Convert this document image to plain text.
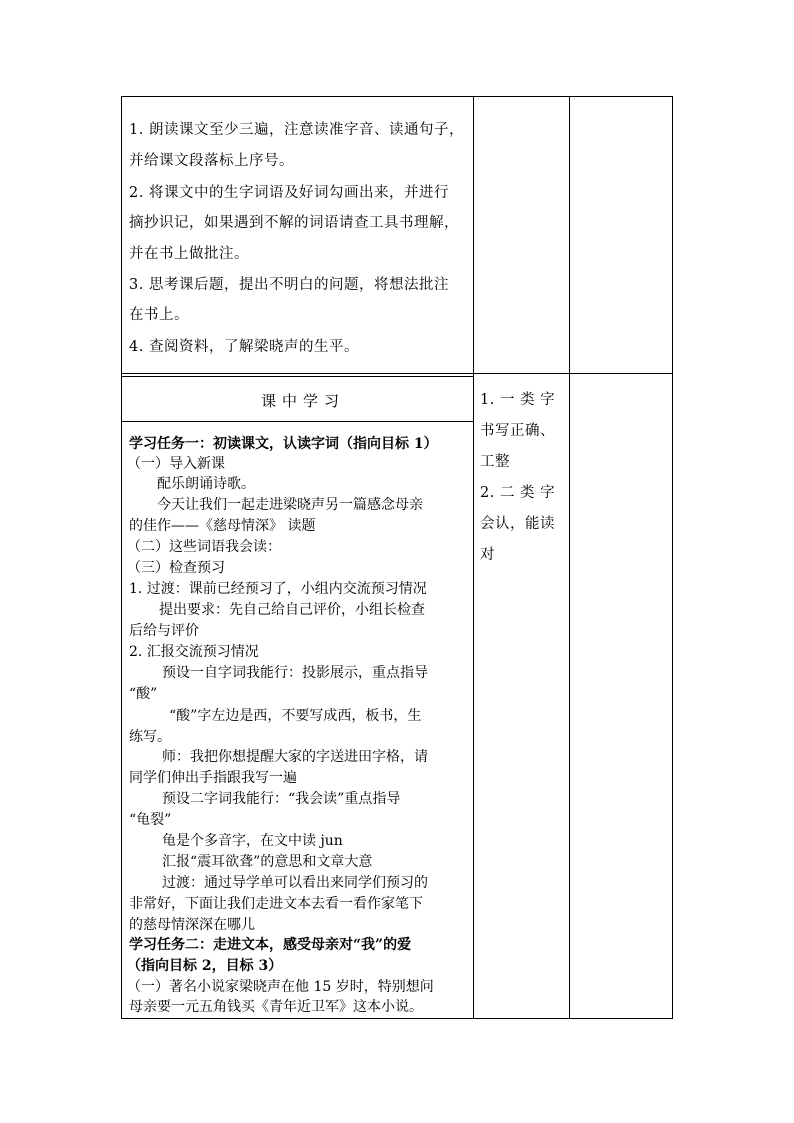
1. 朗读课文至少三遍，注意读准字音、读通句子，
并给课文段落标上序号。
2. 将课文中的生字词语及好词勾画出来，并进行
摘抄识记，如果遇到不解的词语请查工具书理解，
并在书上做批注。
3. 思考课后题，提出不明白的问题，将想法批注
在书上。
4. 查阅资料，了解梁晓声的生平。
课中学习	1. 一 类 字
书写正确、
工整
2. 二 类 字
会认，能读
对
学习任务一：初读课文，认读字词（指向目标 1）
（一）导入新课
配乐朗诵诗歌。
今天让我们一起走进梁晓声另一篇感念母亲
的佳作——《慈母情深》 读题
（二）这些词语我会读：
（三）检查预习
1. 过渡：课前已经预习了，小组内交流预习情况
提出要求：先自己给自己评价，小组长检查
后给与评价
2. 汇报交流预习情况
预设一自字词我能行：投影展示，重点指导
“酸”
“酸”字左边是西，不要写成西，板书，生
练写。
师：我把你想提醒大家的字送进田字格，请
同学们伸出手指跟我写一遍
预设二字词我能行：“我会读”重点指导
“龟裂”
龟是个多音字，在文中读 jun
汇报“震耳欲聋”的意思和文章大意
过渡：通过导学单可以看出来同学们预习的
非常好，下面让我们走进文本去看一看作家笔下
的慈母情深深在哪儿
学习任务二：走进文本，感受母亲对“我”的爱
（指向目标 2，目标 3）
（一）著名小说家梁晓声在他 15 岁时，特别想问
母亲要一元五角钱买《青年近卫军》这本小说。
